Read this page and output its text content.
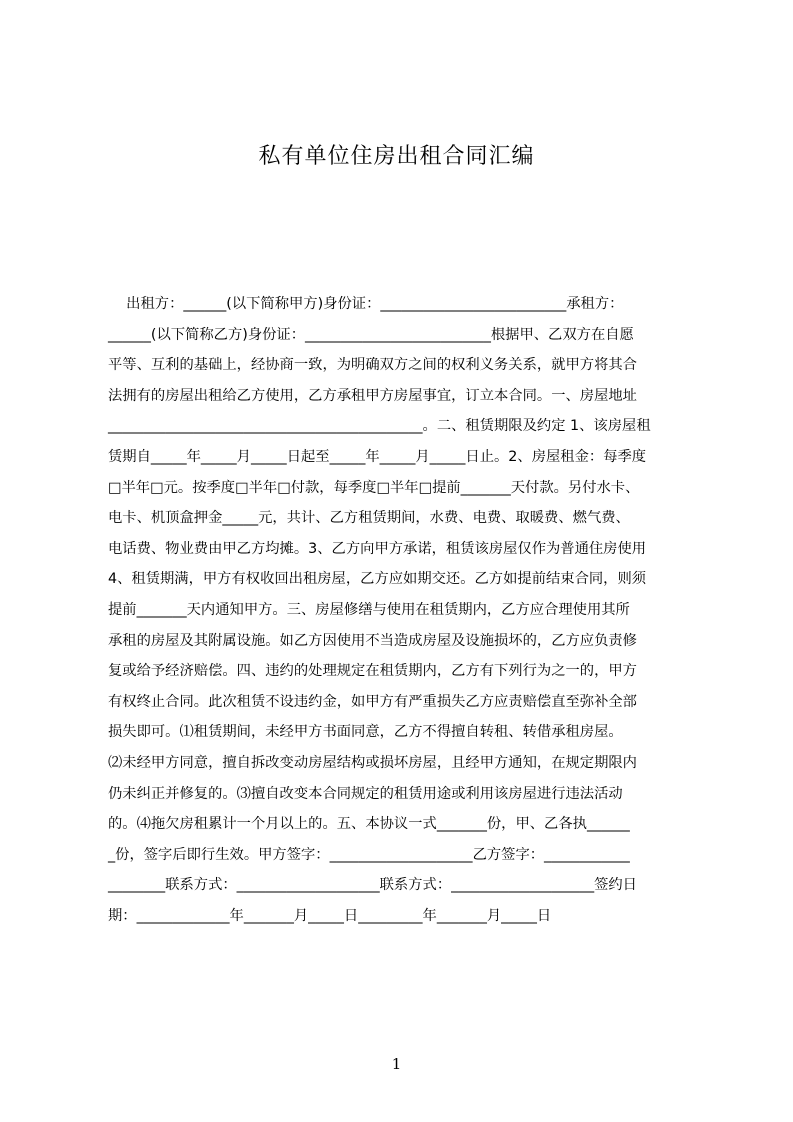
私有单位住房出租合同汇编
出租方：______(以下简称甲方)身份证：__________________________承租方：
______(以下简称乙方)身份证：__________________________根据甲、乙双方在自愿
平等、互利的基础上，经协商一致，为明确双方之间的权利义务关系，就甲方将其合
法拥有的房屋出租给乙方使用，乙方承租甲方房屋事宜，订立本合同。一、房屋地址
____________________________________________。二、租赁期限及约定 1、该房屋租
赁期自_____年_____月_____日起至_____年_____月_____日止。2、房屋租金：每季度
□半年□元。按季度□半年□付款，每季度□半年□提前_______天付款。另付水卡、
电卡、机顶盒押金_____元，共计、乙方租赁期间，水费、电费、取暖费、燃气费、
电话费、物业费由甲乙方均摊。3、乙方向甲方承诺，租赁该房屋仅作为普通住房使用
4、租赁期满，甲方有权收回出租房屋，乙方应如期交还。乙方如提前结束合同，则须
提前_______天内通知甲方。三、房屋修缮与使用在租赁期内，乙方应合理使用其所
承租的房屋及其附属设施。如乙方因使用不当造成房屋及设施损坏的，乙方应负责修
复或给予经济赔偿。四、违约的处理规定在租赁期内，乙方有下列行为之一的，甲方
有权终止合同。此次租赁不设违约金，如甲方有严重损失乙方应责赔偿直至弥补全部
损失即可。⑴租赁期间，未经甲方书面同意，乙方不得擅自转租、转借承租房屋。
⑵未经甲方同意，擅自拆改变动房屋结构或损坏房屋，且经甲方通知，在规定期限内
仍未纠正并修复的。⑶擅自改变本合同规定的租赁用途或利用该房屋进行违法活动
的。⑷拖欠房租累计一个月以上的。五、本协议一式_______份，甲、乙各执______
_份，签字后即行生效。甲方签字：____________________乙方签字：____________
________联系方式：____________________联系方式：____________________签约日
期：_____________年_______月_____日_________年_______月_____日
1
